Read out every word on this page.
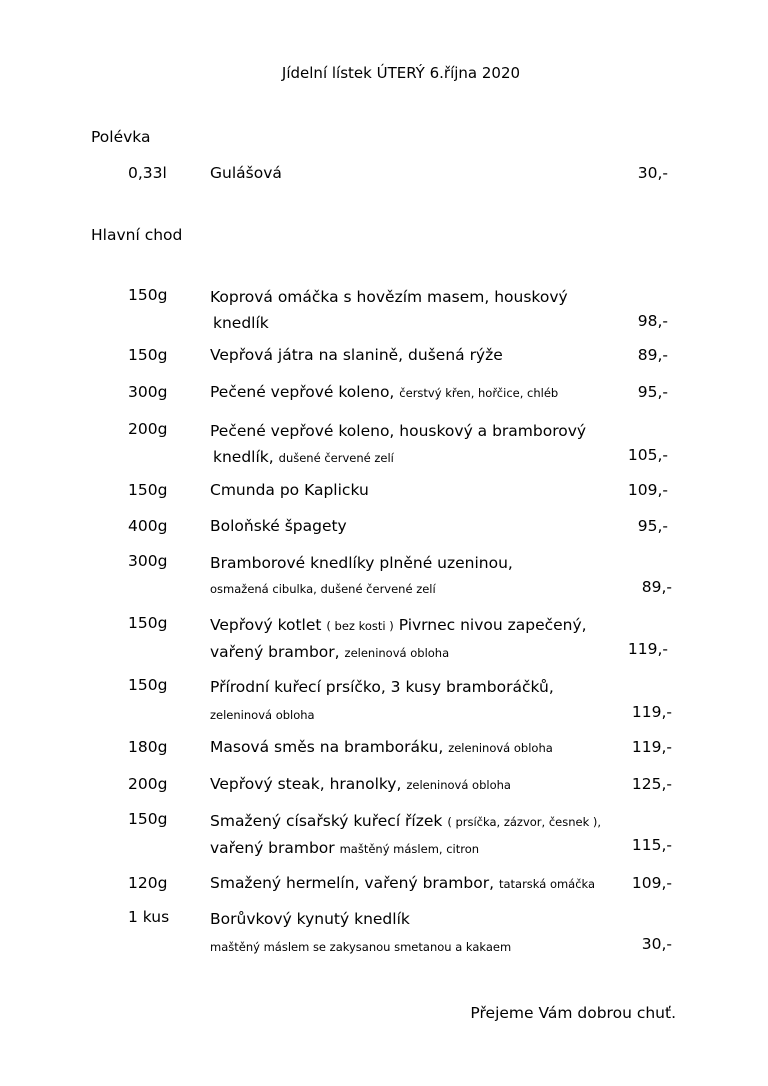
Jídelní lístek ÚTERÝ 6.října 2020
Polévka
0,33l	Gulášová	30,-
Hlavní chod
150g	Koprová omáčka s hovězím masem, houskový
knedlík	98,-
150g	Vepřová játra na slanině, dušená rýže	89,-
300g	Pečené vepřové koleno, čerstvý křen, hořčice, chléb	95,-
200g	Pečené vepřové koleno, houskový a bramborový
knedlík, dušené červené zelí	105,-
150g	Cmunda po Kaplicku	109,-
400g	Boloňské špagety	95,-
300g	Bramborové knedlíky plněné uzeninou,
osmažená cibulka, dušené červené zelí	89,-
150g	Vepřový kotlet ( bez kosti ) Pivrnec nivou zapečený,
vařený brambor, zeleninová obloha	119,-
150g	Přírodní kuřecí prsíčko, 3 kusy bramboráčků,
zeleninová obloha	119,-
180g	Masová směs na bramboráku, zeleninová obloha	119,-
200g	Vepřový steak, hranolky, zeleninová obloha	125,-
150g	Smažený císařský kuřecí řízek ( prsíčka, zázvor, česnek ),
vařený brambor maštěný máslem, citron	115,-
120g	Smažený hermelín, vařený brambor, tatarská omáčka 109,-
1 kus	Borůvkový kynutý knedlík
maštěný máslem se zakysanou smetanou a kakaem	30,-
Přejeme Vám dobrou chuť.
